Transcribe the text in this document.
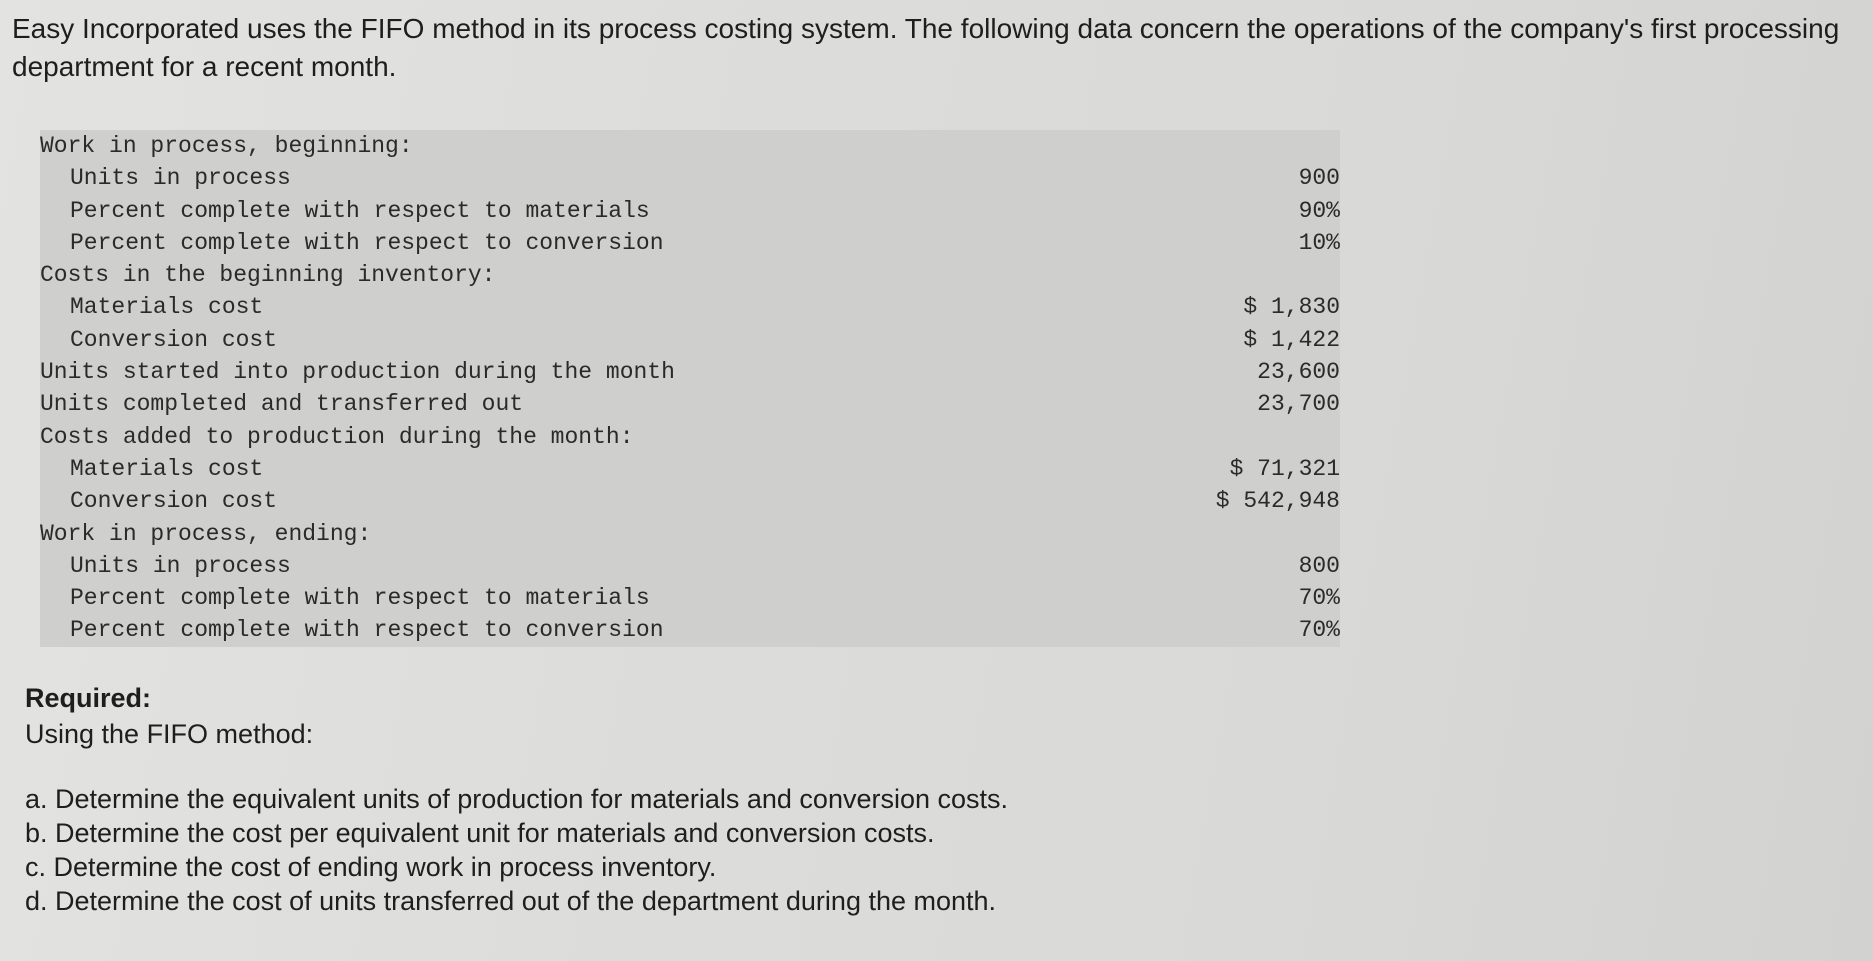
Easy Incorporated uses the FIFO method in its process costing system. The following data concern the operations of the company's first processing department for a recent month.

Work in process, beginning:
Units in process	900
Percent complete with respect to materials	90%
Percent complete with respect to conversion	10%
Costs in the beginning inventory:
Materials cost	$ 1,830
Conversion cost	$ 1,422
Units started into production during the month	23,600
Units completed and transferred out	23,700
Costs added to production during the month:
Materials cost	$ 71,321
Conversion cost	$ 542,948
Work in process, ending:
Units in process	800
Percent complete with respect to materials	70%
Percent complete with respect to conversion	70%
Required:
Using the FIFO method:
a. Determine the equivalent units of production for materials and conversion costs.
b. Determine the cost per equivalent unit for materials and conversion costs.
c. Determine the cost of ending work in process inventory.
d. Determine the cost of units transferred out of the department during the month.
